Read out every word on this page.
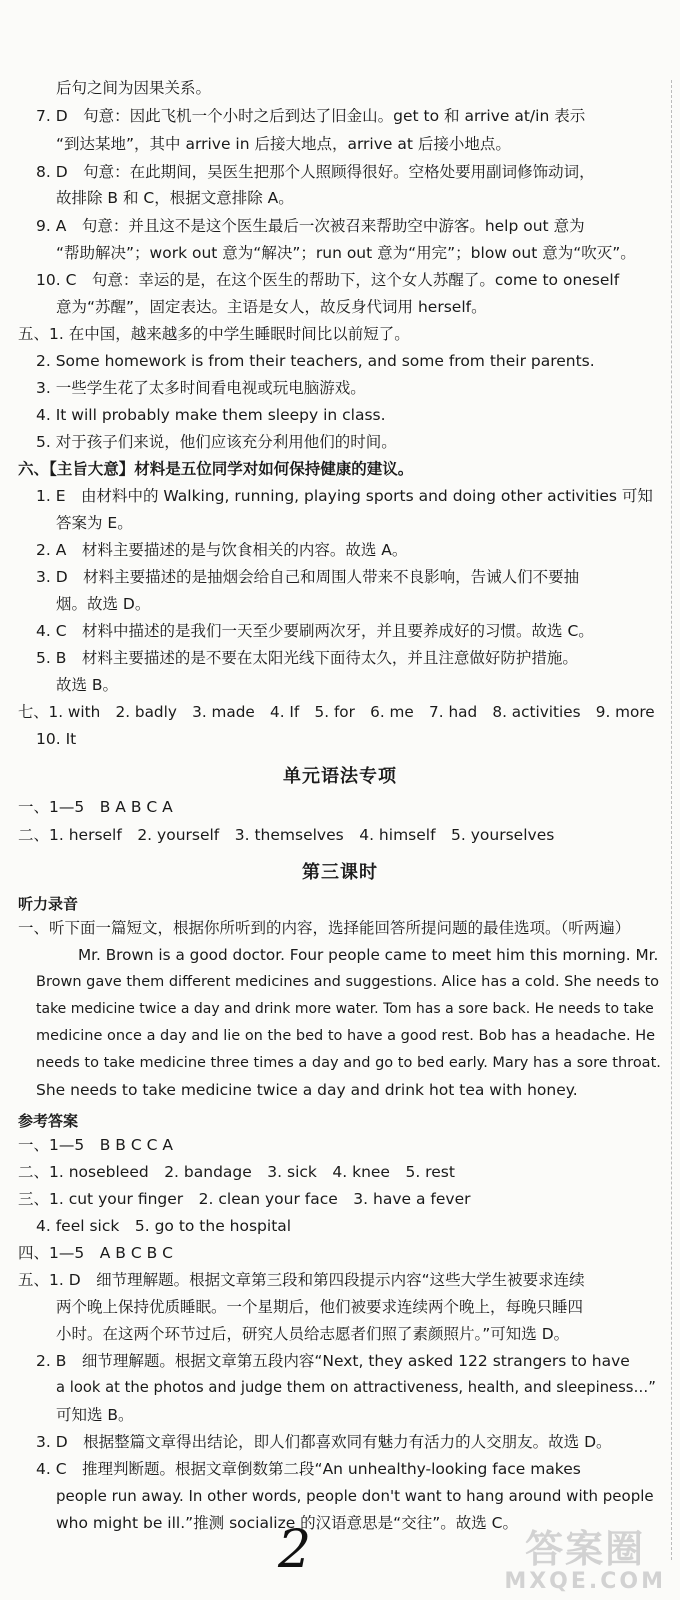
后句之间为因果关系。
7. D　句意：因此飞机一个小时之后到达了旧金山。get to 和 arrive at/in 表示
“到达某地”，其中 arrive in 后接大地点，arrive at 后接小地点。
8. D　句意：在此期间，吴医生把那个人照顾得很好。空格处要用副词修饰动词，
故排除 B 和 C，根据文意排除 A。
9. A　句意：并且这不是这个医生最后一次被召来帮助空中游客。help out 意为
“帮助解决”；work out 意为“解决”；run out 意为“用完”；blow out 意为“吹灭”。
10. C　句意：幸运的是，在这个医生的帮助下，这个女人苏醒了。come to oneself
意为“苏醒”，固定表达。主语是女人，故反身代词用 herself。
五、1. 在中国，越来越多的中学生睡眠时间比以前短了。
2. Some homework is from their teachers, and some from their parents.
3. 一些学生花了太多时间看电视或玩电脑游戏。
4. It will probably make them sleepy in class.
5. 对于孩子们来说，他们应该充分利用他们的时间。
六、【主旨大意】材料是五位同学对如何保持健康的建议。
1. E　由材料中的 Walking, running, playing sports and doing other activities 可知
答案为 E。
2. A　材料主要描述的是与饮食相关的内容。故选 A。
3. D　材料主要描述的是抽烟会给自己和周围人带来不良影响，告诫人们不要抽
烟。故选 D。
4. C　材料中描述的是我们一天至少要刷两次牙，并且要养成好的习惯。故选 C。
5. B　材料主要描述的是不要在太阳光线下面待太久，并且注意做好防护措施。
故选 B。
七、1. with　2. badly　3. made　4. If　5. for　6. me　7. had　8. activities　9. more
10. It
单元语法专项
一、1—5　B A B C A
二、1. herself　2. yourself　3. themselves　4. himself　5. yourselves
第三课时
听力录音
一、听下面一篇短文，根据你所听到的内容，选择能回答所提问题的最佳选项。（听两遍）
Mr. Brown is a good doctor. Four people came to meet him this morning. Mr.
Brown gave them different medicines and suggestions. Alice has a cold. She needs to
take medicine twice a day and drink more water. Tom has a sore back. He needs to take
medicine once a day and lie on the bed to have a good rest. Bob has a headache. He
needs to take medicine three times a day and go to bed early. Mary has a sore throat.
She needs to take medicine twice a day and drink hot tea with honey.
参考答案
一、1—5　B B C C A
二、1. nosebleed　2. bandage　3. sick　4. knee　5. rest
三、1. cut your finger　2. clean your face　3. have a fever
4. feel sick　5. go to the hospital
四、1—5　A B C B C
五、1. D　细节理解题。根据文章第三段和第四段提示内容“这些大学生被要求连续
两个晚上保持优质睡眠。一个星期后，他们被要求连续两个晚上，每晚只睡四
小时。在这两个环节过后，研究人员给志愿者们照了素颜照片。”可知选 D。
2. B　细节理解题。根据文章第五段内容“Next, they asked 122 strangers to have
a look at the photos and judge them on attractiveness, health, and sleepiness…”
可知选 B。
3. D　根据整篇文章得出结论，即人们都喜欢同有魅力有活力的人交朋友。故选 D。
4. C　推理判断题。根据文章倒数第二段“An unhealthy-looking face makes
people run away. In other words, people don't want to hang around with people
who might be ill.”推测 socialize 的汉语意思是“交往”。故选 C。
2	答案圈
MXQE.COM
